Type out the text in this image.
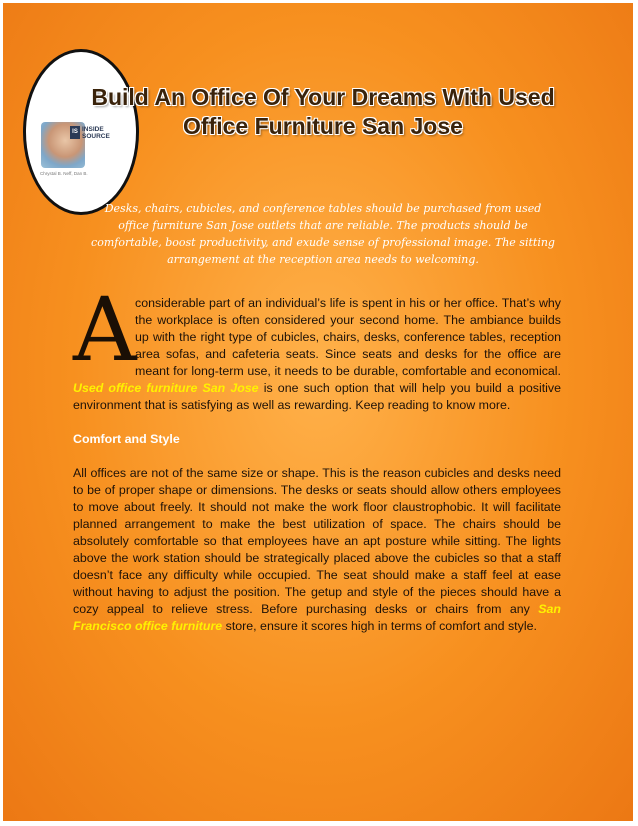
IS INSIDE
SOURCE
Chrystal B. Neff, Dan B.
Build An Office Of Your Dreams With Used Office Furniture San Jose

Desks, chairs, cubicles, and conference tables should be purchased from used office furniture San Jose outlets that are reliable. The products should be comfortable, boost productivity, and exude sense of professional image. The sitting arrangement at the reception area needs to welcoming.

A

considerable part of an individual’s life is spent in his or her office. That’s why the workplace is often considered your second home. The ambiance builds up with the right type of cubicles, chairs, desks, conference tables, reception area sofas, and cafeteria seats. Since seats and desks for the office are meant for long-term use, it needs to be durable, comfortable and economical. Used office furniture San Jose is one such option that will help you build a positive environment that is satisfying as well as rewarding. Keep reading to know more.

Comfort and Style

All offices are not of the same size or shape. This is the reason cubicles and desks need to be of proper shape or dimensions. The desks or seats should allow others employees to move about freely. It should not make the work floor claustrophobic. It will facilitate planned arrangement to make the best utilization of space. The chairs should be absolutely comfortable so that employees have an apt posture while sitting. The lights above the work station should be strategically placed above the cubicles so that a staff doesn’t face any difficulty while occupied. The seat should make a staff feel at ease without having to adjust the position. The getup and style of the pieces should have a cozy appeal to relieve stress. Before purchasing desks or chairs from any San Francisco office furniture store, ensure it scores high in terms of comfort and style.
